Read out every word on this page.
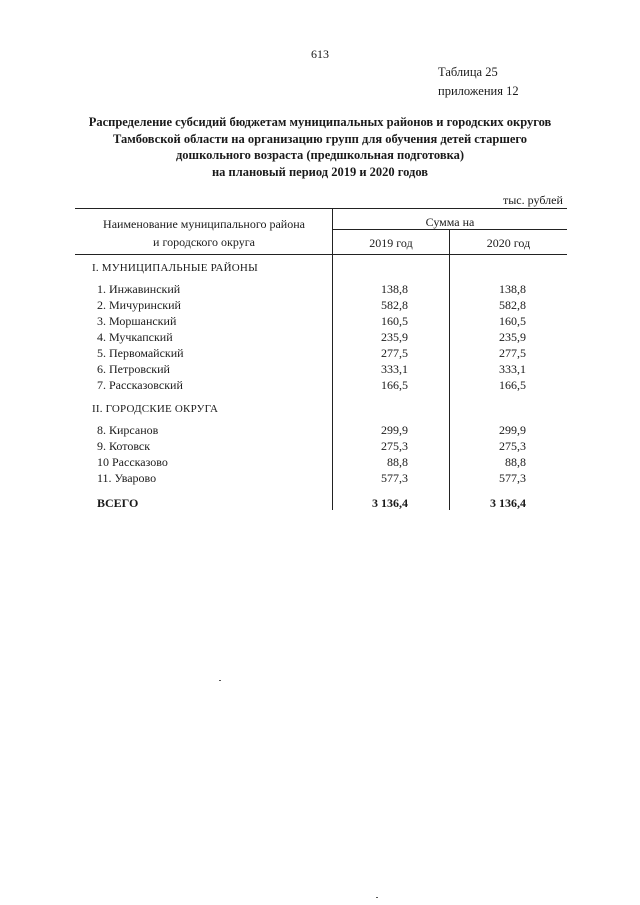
613
Таблица 25
приложения 12
Распределение субсидий бюджетам муниципальных районов и городских округов
Тамбовской области на организацию групп для обучения детей старшего
дошкольного возраста (предшкольная подготовка)
на плановый период 2019 и 2020 годов
тыс. рублей
Наименование муниципального района
и городского округа
Сумма на
2019 год	2020 год
I. МУНИЦИПАЛЬНЫЕ РАЙОНЫ
1. Инжавинский	138,8	138,8
2. Мичуринский	582,8	582,8
3. Моршанский	160,5	160,5
4. Мучкапский	235,9	235,9
5. Первомайский	277,5	277,5
6. Петровский	333,1	333,1
7. Рассказовский	166,5	166,5
II. ГОРОДСКИЕ ОКРУГА
8. Кирсанов	299,9	299,9
9. Котовск	275,3	275,3
10 Рассказово	88,8	88,8
11. Уварово	577,3	577,3
ВСЕГО	3 136,4	3 136,4
